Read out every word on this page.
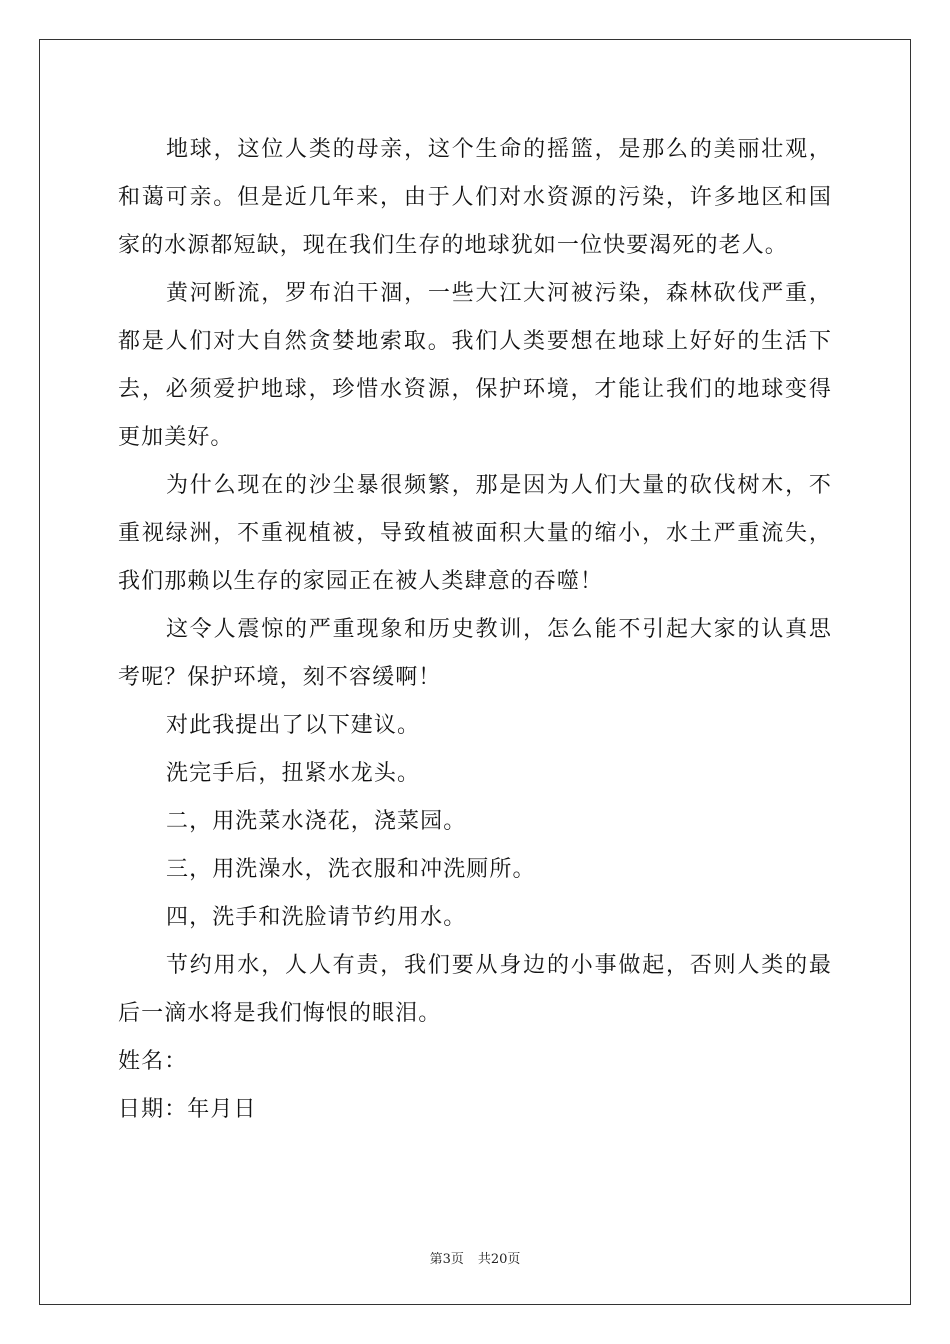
地球，这位人类的母亲，这个生命的摇篮，是那么的美丽壮观，和蔼可亲。但是近几年来，由于人们对水资源的污染，许多地区和国家的水源都短缺，现在我们生存的地球犹如一位快要渴死的老人。

黄河断流，罗布泊干涸，一些大江大河被污染，森林砍伐严重，都是人们对大自然贪婪地索取。我们人类要想在地球上好好的生活下去，必须爱护地球，珍惜水资源，保护环境，才能让我们的地球变得更加美好。

为什么现在的沙尘暴很频繁，那是因为人们大量的砍伐树木，不重视绿洲，不重视植被，导致植被面积大量的缩小，水土严重流失，我们那赖以生存的家园正在被人类肆意的吞噬！

这令人震惊的严重现象和历史教训，怎么能不引起大家的认真思考呢？保护环境，刻不容缓啊！

对此我提出了以下建议。

洗完手后，扭紧水龙头。

二，用洗菜水浇花，浇菜园。

三，用洗澡水，洗衣服和冲洗厕所。

四，洗手和洗脸请节约用水。

节约用水，人人有责，我们要从身边的小事做起，否则人类的最后一滴水将是我们悔恨的眼泪。

姓名：

日期：年月日

第3页 共20页
